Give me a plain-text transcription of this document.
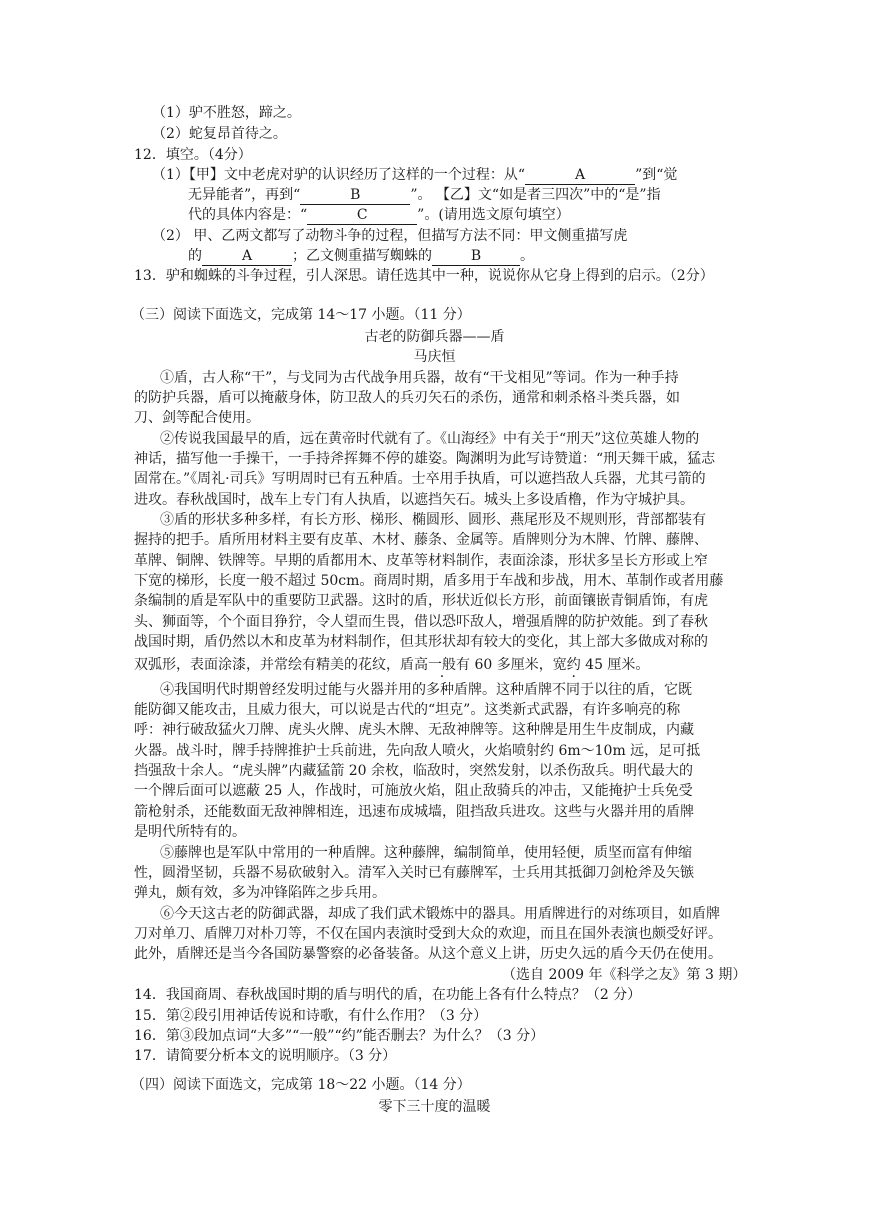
（1）驴不胜怒，蹄之。
（2）蛇复昂首待之。
12．填空。（4分）
（1）【甲】文中老虎对驴的认识经历了这样的一个过程：从“	A	”到“觉
无异能者”，再到“	B	”。 【乙】文“如是者三四次”中的“是”指
代的具体内容是：“	C	”。(请用选文原句填空）
（2） 甲、乙两文都写了动物斗争的过程，但描写方法不同：甲文侧重描写虎
的	A	；乙文侧重描写蜘蛛的	B	。
13．驴和蜘蛛的斗争过程，引人深思。请任选其中一种，说说你从它身上得到的启示。（2分）
（三）阅读下面选文，完成第 14～17 小题。（11 分）
古老的防御兵器——盾
马庆恒
①盾，古人称“干”，与戈同为古代战争用兵器，故有“干戈相见”等词。作为一种手持
的防护兵器，盾可以掩蔽身体，防卫敌人的兵刃矢石的杀伤，通常和刺杀格斗类兵器，如
刀、剑等配合使用。
②传说我国最早的盾，远在黄帝时代就有了。《山海经》中有关于“刑天”这位英雄人物的
神话，描写他一手操干，一手持斧挥舞不停的雄姿。陶渊明为此写诗赞道：“刑天舞干戚，猛志
固常在。”《周礼·司兵》写明周时已有五种盾。士卒用手执盾，可以遮挡敌人兵器，尤其弓箭的
进攻。春秋战国时，战车上专门有人执盾，以遮挡矢石。城头上多设盾橹，作为守城护具。
③盾的形状多种多样，有长方形、梯形、椭圆形、圆形、燕尾形及不规则形，背部都装有
握持的把手。盾所用材料主要有皮革、木材、藤条、金属等。盾牌则分为木牌、竹牌、藤牌、
革牌、铜牌、铁牌等。早期的盾都用木、皮革等材料制作，表面涂漆，形状多呈长方形或上窄
下宽的梯形，长度一般不超过 50cm。商周时期，盾多用于车战和步战，用木、革制作或者用藤
条编制的盾是军队中的重要防卫武器。这时的盾，形状近似长方形，前面镶嵌青铜盾饰，有虎
头、狮面等，个个面目狰狞，令人望而生畏，借以恐吓敌人，增强盾牌的防护效能。到了春秋
战国时期，盾仍然以木和皮革为材料制作，但其形状却有较大的变化，其上部大多做成对称的
双弧形，表面涂漆，并常绘有精美的花纹，盾高一般有 60 多厘米，宽约 45 厘米。
④我国明代时期曾经发明过能与火器并用的多种盾牌。这种盾牌不同于以往的盾，它既
能防御又能攻击，且威力很大，可以说是古代的“坦克”。这类新式武器，有许多响亮的称
呼：神行破敌猛火刀牌、虎头火牌、虎头木牌、无敌神牌等。这种牌是用生牛皮制成，内藏
火器。战斗时，牌手持牌推护士兵前进，先向敌人喷火，火焰喷射约 6m～10m 远，足可抵
挡强敌十余人。“虎头牌”内藏猛箭 20 余枚，临敌时，突然发射，以杀伤敌兵。明代最大的
一个牌后面可以遮蔽 25 人，作战时，可施放火焰，阻止敌骑兵的冲击，又能掩护士兵免受
箭枪射杀，还能数面无敌神牌相连，迅速布成城墙，阻挡敌兵进攻。这些与火器并用的盾牌
是明代所特有的。
⑤藤牌也是军队中常用的一种盾牌。这种藤牌，编制简单，使用轻便，质坚而富有伸缩
性，圆滑坚韧，兵器不易砍破射入。清军入关时已有藤牌军，士兵用其抵御刀剑枪斧及矢镞
弹丸，颇有效，多为冲锋陷阵之步兵用。
⑥今天这古老的防御武器，却成了我们武术锻炼中的器具。用盾牌进行的对练项目，如盾牌
刀对单刀、盾牌刀对朴刀等，不仅在国内表演时受到大众的欢迎，而且在国外表演也颇受好评。
此外，盾牌还是当今各国防暴警察的必备装备。从这个意义上讲，历史久远的盾今天仍在使用。
（选自 2009 年《科学之友》第 3 期）
14．我国商周、春秋战国时期的盾与明代的盾，在功能上各有什么特点？（2 分）
15．第②段引用神话传说和诗歌，有什么作用？（3 分）
16．第③段加点词“大多”“一般”“约”能否删去？为什么？（3 分）
17．请简要分析本文的说明顺序。（3 分）
（四）阅读下面选文，完成第 18～22 小题。（14 分）
零下三十度的温暖
